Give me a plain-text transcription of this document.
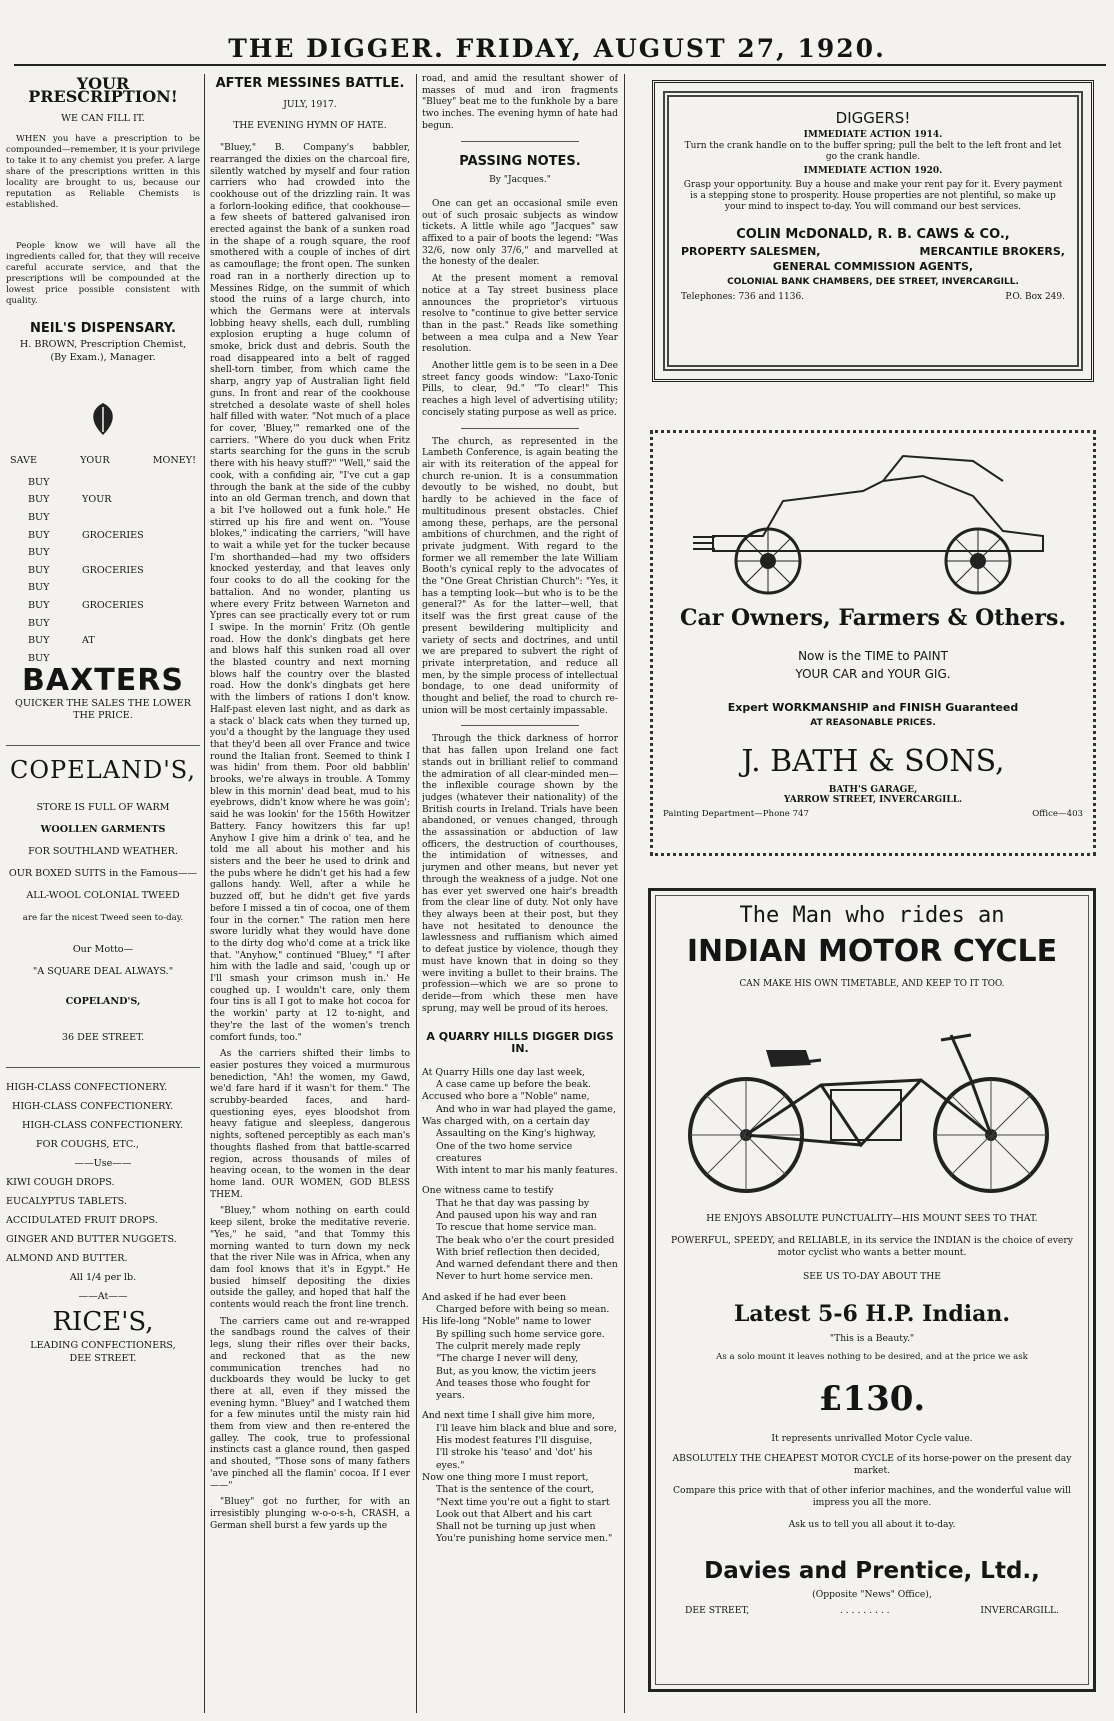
THE DIGGER. FRIDAY, AUGUST 27, 1920.
YOUR PRESCRIPTION!
WE CAN FILL IT.

WHEN you have a prescription to be compounded—remember, it is your privilege to take it to any chemist you prefer. A large share of the prescriptions written in this locality are brought to us, because our reputation as Reliable Chemists is established.

People know we will have all the ingredients called for, that they will receive careful accurate service, and that the prescriptions will be compounded at the lowest price possible consistent with quality.

NEIL'S DISPENSARY.
H. BROWN, Prescription Chemist,
(By Exam.), Manager.
SAVE	YOUR	MONEY!
BUY
BUY	YOUR
BUY
BUY	GROCERIES
BUY
BUY	GROCERIES
BUY
BUY	GROCERIES
BUY
BUY	AT
BUY
BAXTERS
QUICKER THE SALES THE LOWER THE PRICE.
COPELAND'S,
STORE IS FULL OF WARM
WOOLLEN GARMENTS
FOR SOUTHLAND WEATHER.
OUR BOXED SUITS in the Famous——
ALL-WOOL COLONIAL TWEED
are far the nicest Tweed seen to-day.
Our Motto—
"A SQUARE DEAL ALWAYS."
COPELAND'S,
36 DEE STREET.
HIGH-CLASS CONFECTIONERY.
HIGH-CLASS CONFECTIONERY.
HIGH-CLASS CONFECTIONERY.
FOR COUGHS, ETC.,
——Use——
KIWI COUGH DROPS.
EUCALYPTUS TABLETS.
ACCIDULATED FRUIT DROPS.
GINGER AND BUTTER NUGGETS.
ALMOND AND BUTTER.
All 1/4 per lb.
——At——
RICE'S,
LEADING CONFECTIONERS,
DEE STREET.
AFTER MESSINES BATTLE.
JULY, 1917.
THE EVENING HYMN OF HATE.

"Bluey," B. Company's babbler, rearranged the dixies on the charcoal fire, silently watched by myself and four ration carriers who had crowded into the cookhouse out of the drizzling rain. It was a forlorn-looking edifice, that cookhouse—a few sheets of battered galvanised iron erected against the bank of a sunken road in the shape of a rough square, the roof smothered with a couple of inches of dirt as camouflage; the front open. The sunken road ran in a northerly direction up to Messines Ridge, on the summit of which stood the ruins of a large church, into which the Germans were at intervals lobbing heavy shells, each dull, rumbling explosion erupting a huge column of smoke, brick dust and debris. South the road disappeared into a belt of ragged shell-torn timber, from which came the sharp, angry yap of Australian light field guns. In front and rear of the cookhouse stretched a desolate waste of shell holes half filled with water. "Not much of a place for cover, 'Bluey,'" remarked one of the carriers. "Where do you duck when Fritz starts searching for the guns in the scrub there with his heavy stuff?" "Well," said the cook, with a confiding air, "I've cut a gap through the bank at the side of the cubby into an old German trench, and down that a bit I've hollowed out a funk hole." He stirred up his fire and went on. "Youse blokes," indicating the carriers, "will have to wait a while yet for the tucker because I'm shorthanded—had my two offsiders knocked yesterday, and that leaves only four cooks to do all the cooking for the battalion. And no wonder, planting us where every Fritz between Warneton and Ypres can see practically every tot or rum I swipe. In the mornin' Fritz (Oh gentle road. How the donk's dingbats get here and blows half this sunken road all over the blasted country and next morning blows half the country over the blasted road. How the donk's dingbats get here with the limbers of rations I don't know. Half-past eleven last night, and as dark as a stack o' black cats when they turned up, you'd a thought by the language they used that they'd been all over France and twice round the Italian front. Seemed to think I was hidin' from them. Poor old babblin' brooks, we're always in trouble. A Tommy blew in this mornin' dead beat, mud to his eyebrows, didn't know where he was goin'; said he was lookin' for the 156th Howitzer Battery. Fancy howitzers this far up! Anyhow I give him a drink o' tea, and he told me all about his mother and his sisters and the beer he used to drink and the pubs where he didn't get his had a few gallons handy. Well, after a while he buzzed off, but he didn't get five yards before I missed a tin of cocoa, one of them four in the corner." The ration men here swore luridly what they would have done to the dirty dog who'd come at a trick like that. "Anyhow," continued "Bluey," "I after him with the ladle and said, 'cough up or I'll smash your crimson mush in.' He coughed up. I wouldn't care, only them four tins is all I got to make hot cocoa for the workin' party at 12 to-night, and they're the last of the women's trench comfort funds, too."

As the carriers shifted their limbs to easier postures they voiced a murmurous benediction, "Ah! the women, my Gawd, we'd fare hard if it wasn't for them." The scrubby-bearded faces, and hard-questioning eyes, eyes bloodshot from heavy fatigue and sleepless, dangerous nights, softened perceptibly as each man's thoughts flashed from that battle-scarred region, across thousands of miles of heaving ocean, to the women in the dear home land. OUR WOMEN, GOD BLESS THEM.

"Bluey," whom nothing on earth could keep silent, broke the meditative reverie. "Yes," he said, "and that Tommy this morning wanted to turn down my neck that the river Nile was in Africa, when any dam fool knows that it's in Egypt." He busied himself depositing the dixies outside the galley, and hoped that half the contents would reach the front line trench.

The carriers came out and re-wrapped the sandbags round the calves of their legs, slung their rifles over their backs, and reckoned that as the new communication trenches had no duckboards they would be lucky to get there at all, even if they missed the evening hymn. "Bluey" and I watched them for a few minutes until the misty rain hid them from view and then re-entered the galley. The cook, true to professional instincts cast a glance round, then gasped and shouted, "Those sons of many fathers 'ave pinched all the flamin' cocoa. If I ever——"

"Bluey" got no further, for with an irresistibly plunging w-o-o-s-h, CRASH, a German shell burst a few yards up the

road, and amid the resultant shower of masses of mud and iron fragments "Bluey" beat me to the funkhole by a bare two inches. The evening hymn of hate had begun.

PASSING NOTES.
By "Jacques."

One can get an occasional smile even out of such prosaic subjects as window tickets. A little while ago "Jacques" saw affixed to a pair of boots the legend: "Was 32/6, now only 37/6," and marvelled at the honesty of the dealer.

At the present moment a removal notice at a Tay street business place announces the proprietor's virtuous resolve to "continue to give better service than in the past." Reads like something between a mea culpa and a New Year resolution.

Another little gem is to be seen in a Dee street fancy goods window: "Laxo-Tonic Pills, to clear, 9d." "To clear!" This reaches a high level of advertising utility; concisely stating purpose as well as price.

The church, as represented in the Lambeth Conference, is again beating the air with its reiteration of the appeal for church re-union. It is a consummation devoutly to be wished, no doubt, but hardly to be achieved in the face of multitudinous present obstacles. Chief among these, perhaps, are the personal ambitions of churchmen, and the right of private judgment. With regard to the former we all remember the late William Booth's cynical reply to the advocates of the "One Great Christian Church": "Yes, it has a tempting look—but who is to be the general?" As for the latter—well, that itself was the first great cause of the present bewildering multiplicity and variety of sects and doctrines, and until we are prepared to subvert the right of private interpretation, and reduce all men, by the simple process of intellectual bondage, to one dead uniformity of thought and belief, the road to church re-union will be most certainly impassable.

Through the thick darkness of horror that has fallen upon Ireland one fact stands out in brilliant relief to command the admiration of all clear-minded men—the inflexible courage shown by the judges (whatever their nationality) of the British courts in Ireland. Trials have been abandoned, or venues changed, through the assassination or abduction of law officers, the destruction of courthouses, the intimidation of witnesses, and jurymen and other means, but never yet through the weakness of a judge. Not one has ever yet swerved one hair's breadth from the clear line of duty. Not only have they always been at their post, but they have not hesitated to denounce the lawlessness and ruffianism which aimed to defeat justice by violence, though they must have known that in doing so they were inviting a bullet to their brains. The profession—which we are so prone to deride—from which these men have sprung, may well be proud of its heroes.

A QUARRY HILLS DIGGER DIGS IN.
At Quarry Hills one day last week,
A case came up before the beak.
Accused who bore a "Noble" name,
And who in war had played the game,
Was charged with, on a certain day
Assaulting on the King's highway,
One of the two home service creatures
With intent to mar his manly features.
One witness came to testify
That he that day was passing by
And paused upon his way and ran
To rescue that home service man.
The beak who o'er the court presided
With brief reflection then decided,
And warned defendant there and then
Never to hurt home service men.
And asked if he had ever been
Charged before with being so mean.
His life-long "Noble" name to lower
By spilling such home service gore.
The culprit merely made reply
"The charge I never will deny,
But, as you know, the victim jeers
And teases those who fought for years.
And next time I shall give him more,
I'll leave him black and blue and sore,
His modest features I'll disguise,
I'll stroke his 'teaso' and 'dot' his eyes."
Now one thing more I must report,
That is the sentence of the court,
"Next time you're out a fight to start
Look out that Albert and his cart
Shall not be turning up just when
You're punishing home service men."
DIGGERS!
IMMEDIATE ACTION 1914.
Turn the crank handle on to the buffer spring; pull the belt to the left front and let go the crank handle.
IMMEDIATE ACTION 1920.
Grasp your opportunity. Buy a house and make your rent pay for it. Every payment is a stepping stone to prosperity. House properties are not plentiful, so make up your mind to inspect to-day. You will command our best services.
COLIN McDONALD, R. B. CAWS & CO.,
PROPERTY SALESMEN,	MERCANTILE BROKERS,
GENERAL COMMISSION AGENTS,
COLONIAL BANK CHAMBERS, DEE STREET, INVERCARGILL.
Telephones: 736 and 1136.	P.O. Box 249.
Car Owners, Farmers & Others.
Now is the TIME to PAINT
YOUR CAR and YOUR GIG.
Expert WORKMANSHIP and FINISH Guaranteed
AT REASONABLE PRICES.
J. BATH & SONS,
BATH'S GARAGE,
YARROW STREET, INVERCARGILL.
Painting Department—Phone 747	Office—403
The Man who rides an
INDIAN MOTOR CYCLE
CAN MAKE HIS OWN TIMETABLE, AND KEEP TO IT TOO.
HE ENJOYS ABSOLUTE PUNCTUALITY—HIS MOUNT SEES TO THAT.
POWERFUL, SPEEDY, and RELIABLE, in its service the INDIAN is the choice of every motor cyclist who wants a better mount.
SEE US TO-DAY ABOUT THE
Latest 5-6 H.P. Indian.
"This is a Beauty."
As a solo mount it leaves nothing to be desired, and at the price we ask
£130.
It represents unrivalled Motor Cycle value.
ABSOLUTELY THE CHEAPEST MOTOR CYCLE of its horse-power on the present day market.
Compare this price with that of other inferior machines, and the wonderful value will impress you all the more.
Ask us to tell you all about it to-day.
Davies and Prentice, Ltd.,
(Opposite "News" Office),
DEE STREET,	. . . . . . . . .	INVERCARGILL.
